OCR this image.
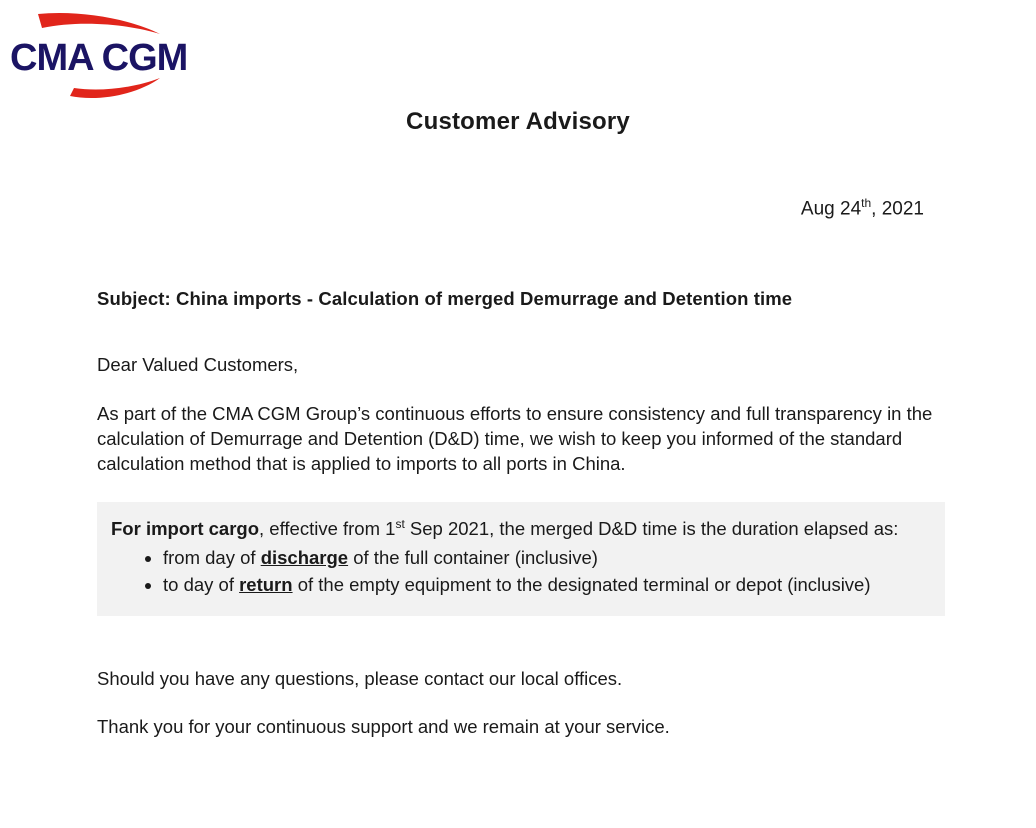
CMA CGM
Customer Advisory
Aug 24th, 2021

Subject: China imports - Calculation of merged Demurrage and Detention time

Dear Valued Customers,

As part of the CMA CGM Group’s continuous efforts to ensure consistency and full transparency in the calculation of Demurrage and Detention (D&D) time, we wish to keep you informed of the standard calculation method that is applied to imports to all ports in China.

For import cargo, effective from 1st Sep 2021, the merged D&D time is the duration elapsed as:

• from day of discharge of the full container (inclusive)
• to day of return of the empty equipment to the designated terminal or depot (inclusive)

Should you have any questions, please contact our local offices.

Thank you for your continuous support and we remain at your service.
